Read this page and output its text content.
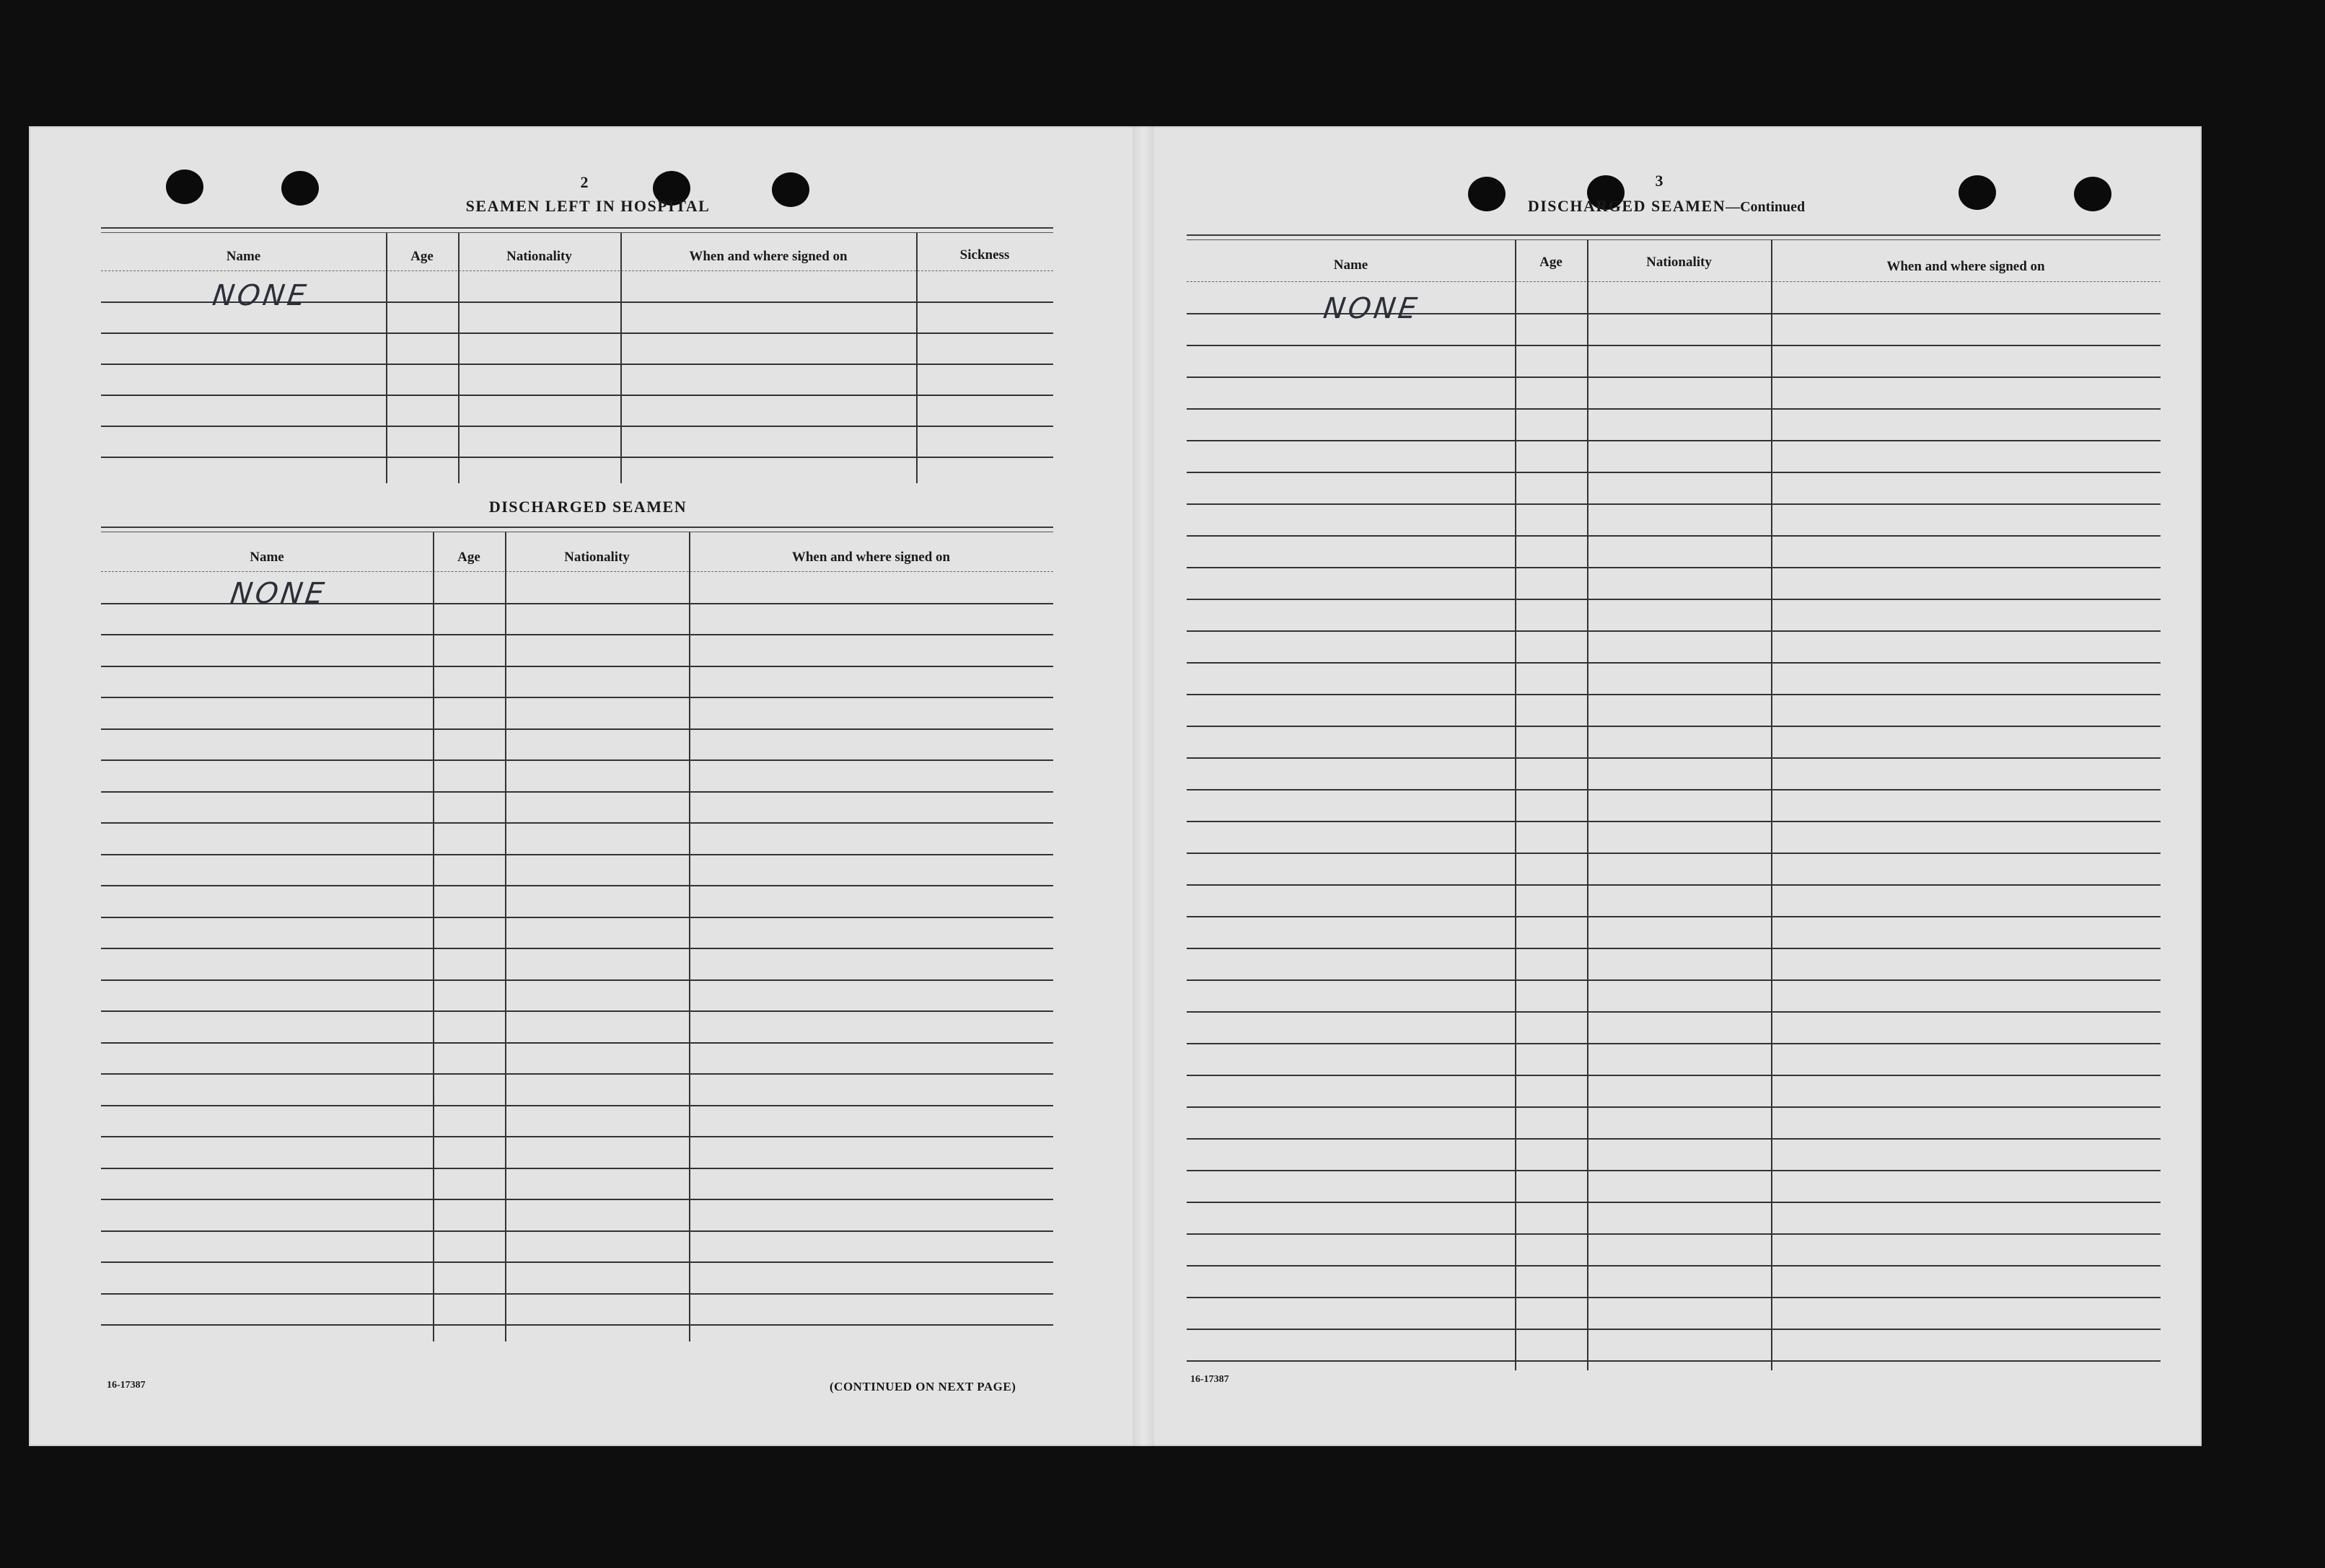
2
SEAMEN LEFT IN HOSPITAL
Name	Age	Nationality	When and where signed on	Sickness
NONE
DISCHARGED SEAMEN
Name	Age	Nationality	When and where signed on
NONE
16-17387	(CONTINUED ON NEXT PAGE)
3
DISCHARGED SEAMEN—Continued
Name	Age	Nationality	When and where signed on
NONE
16-17387
